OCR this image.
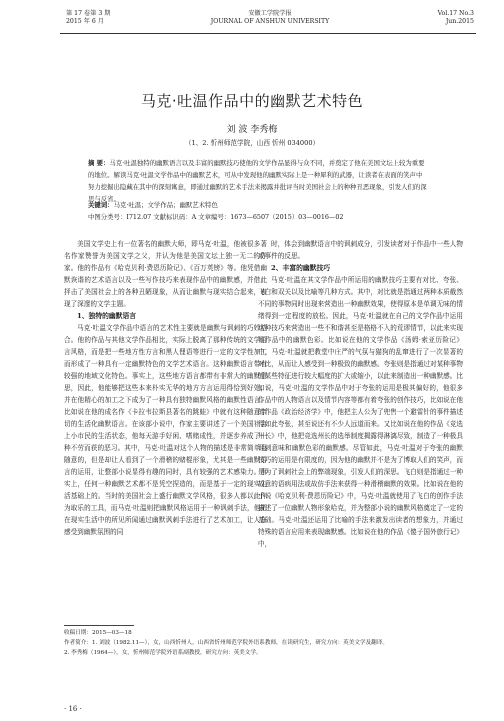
第 17 卷第 3 期
2015 年 6 月
安徽工学院学报
JOURNAL OF ANSHUN UNIVERSITY
Vol.17 No.3
Jun.2015
马克·吐温作品中的幽默艺术特色
刘 波 李秀梅
（1、2. 忻州师范学院，山西 忻州 034000）
摘 要：马克·吐温独特的幽默语言以及丰富的幽默技巧使他的文学作品显得与众不同，并奠定了他在美国文坛上较为重要的地位。解读马克·吐温文学作品中的幽默艺术，可从中发现他的幽默实际上是一种犀利的武器，让读者在表面的笑声中努力挖掘出隐藏在其中的深刻寓意，即通过幽默的艺术手法来揭露并批评当时美国社会上的种种丑恶现象，引发人们的深思与反省。
关键词：马克·吐温；文学作品；幽默艺术特色
中图分类号：I712.07 文献标识码：A 文章编号：1673—6507（2015）03—0016—02

美国文学史上有一位著名的幽默大师，即马克·吐温，他被很多著名作家赞誉为美国文学之父，并认为他是美国文坛上独一无二的作家。他的作品有《哈克贝利·费恩历险记》、《百万英镑》等。他凭借幽默诙谐的艺术语言以及一些写作技巧来表现作品中的幽默感，并借此抨击了美国社会上的各种丑陋现象，从而让幽默与现实结合起来，表现了深邃的文学主题。

1、独特的幽默语言

马克·吐温文学作品中语言的艺术性主要就是幽默与讽刺的巧妙结合。他的作品与其他文学作品相比，实际上脱离了那种传统的文学语言风格，而是把一些地方性方言和黑人俚语等进行一定的文学性加工而形成了一种具有一定幽默特色的文学艺术语言。这种幽默语言带有较强的地域文化特色。事实上，这些地方语言都带有非常大的幽默意思，因此，他能够把这些本来朴实无华的地方方言运用得恰到好处，并在他精心的加工之下成为了一种具有独特幽默风格的幽默性语言。比如说在他的成名作《卡拉韦拉斯县著名的跳蛙》中就有这种随意亲切的生活化幽默语言。在该部小说中，作家主要讲述了一个美国社会上小市民的生活状态，他每天游手好闲、嗜赌成性，并逐步养成了一种不劳而获的恶习。其中，马克·吐温对这个人物的描述是非常简单且随意的，但是却让人看到了一个滑稽的赌棍形象，尤其是一些幽默语言的运用，让整部小说显得有趣的同时，具有较强的艺术感染力。事实上，任何一种幽默艺术都不是凭空捏造的，而是基于一定的现实生活基础上的。当时的美国社会上盛行幽默文学风格，很多人都以此作为取乐的工具，而马克·吐温则把幽默风格运用于一种讽刺手法，他把在现实生活中的所见所闻通过幽默讽刺手法进行了艺术加工，让人在感受到幽默氛围的同

时，体会到幽默语言中的讽刺成分，引发读者对于作品中一些人物或事件的反思。

2、丰富的幽默技巧

马克·吐温在其文学作品中所运用的幽默技巧主要有对比、夸张、飞白和双关以及比喻等几种方式。其中，对比就是指通过两种本质截然不同的事物同时出现来营造出一种幽默效果，使得原本是单调无味的情绪得到一定程度的放松。因此，马克·吐温就在自己的文学作品中运用这种技巧来营造出一些不和谐甚至是格格不入的荒谬情节，以此来实现他作品中的幽默色彩。比如说在他的文学作品《汤姆·索亚历险记》中，马克·吐温就把教堂中庄严的气氛与猫狗的乱窜进行了一次显著的对比，从而让人感受到一种极致的幽默感。夸张则是指通过对某种事物的某些特征进行较大幅度的扩大或缩小，以此来制造出一种幽默感。比如说，马克·吐温的文学作品中对于夸张的运用是极其偏好的，他很多作品中的人物语言以及情节内容等都有着夸张的创作技巧，比如说在他的作品《政治经济学》中，他把主人公为了兜售一个避雷针的事件描述得如此夸张，甚至说还有不少人远道而来。又比如说在他的作品《竞选州长》中，他把竞选州长的选举制度揭露得淋漓尽致，制造了一种极具讽刺意味和幽默色彩的幽默感。尽管如此，马克·吐温对于夸张的幽默技巧的运用是有限度的，因为他的幽默并不是为了博取人们的笑声，而是为了讽刺社会上的弊端现象，引发人们的深思。飞白则是指通过一种故意的语病用法或故仿手法来获得一种滑稽幽默的效果。比如说在他的小说《哈克贝利·费恩历险记》中，马克·吐温就使用了飞白的创作手法描述了一位幽默人物形象哈克，并为整部小说的幽默风格奠定了一定的基础。马克·吐温还运用了比喻的手法来激发出读者的想象力，并通过特殊的语言应用来表现幽默感。比如说在他的作品《傻子国外旅行记》中，

收稿日期：2015—03—18
作者简介：1. 刘波（1982.11—），女，山西忻州人，山西省忻州师范学院外语系教师，在读研究生，研究方向：英美文学及翻译。
2. 李秀梅（1964—），女，忻州师范学院外语系副教授，研究方向：英美文学。
· 16 ·
